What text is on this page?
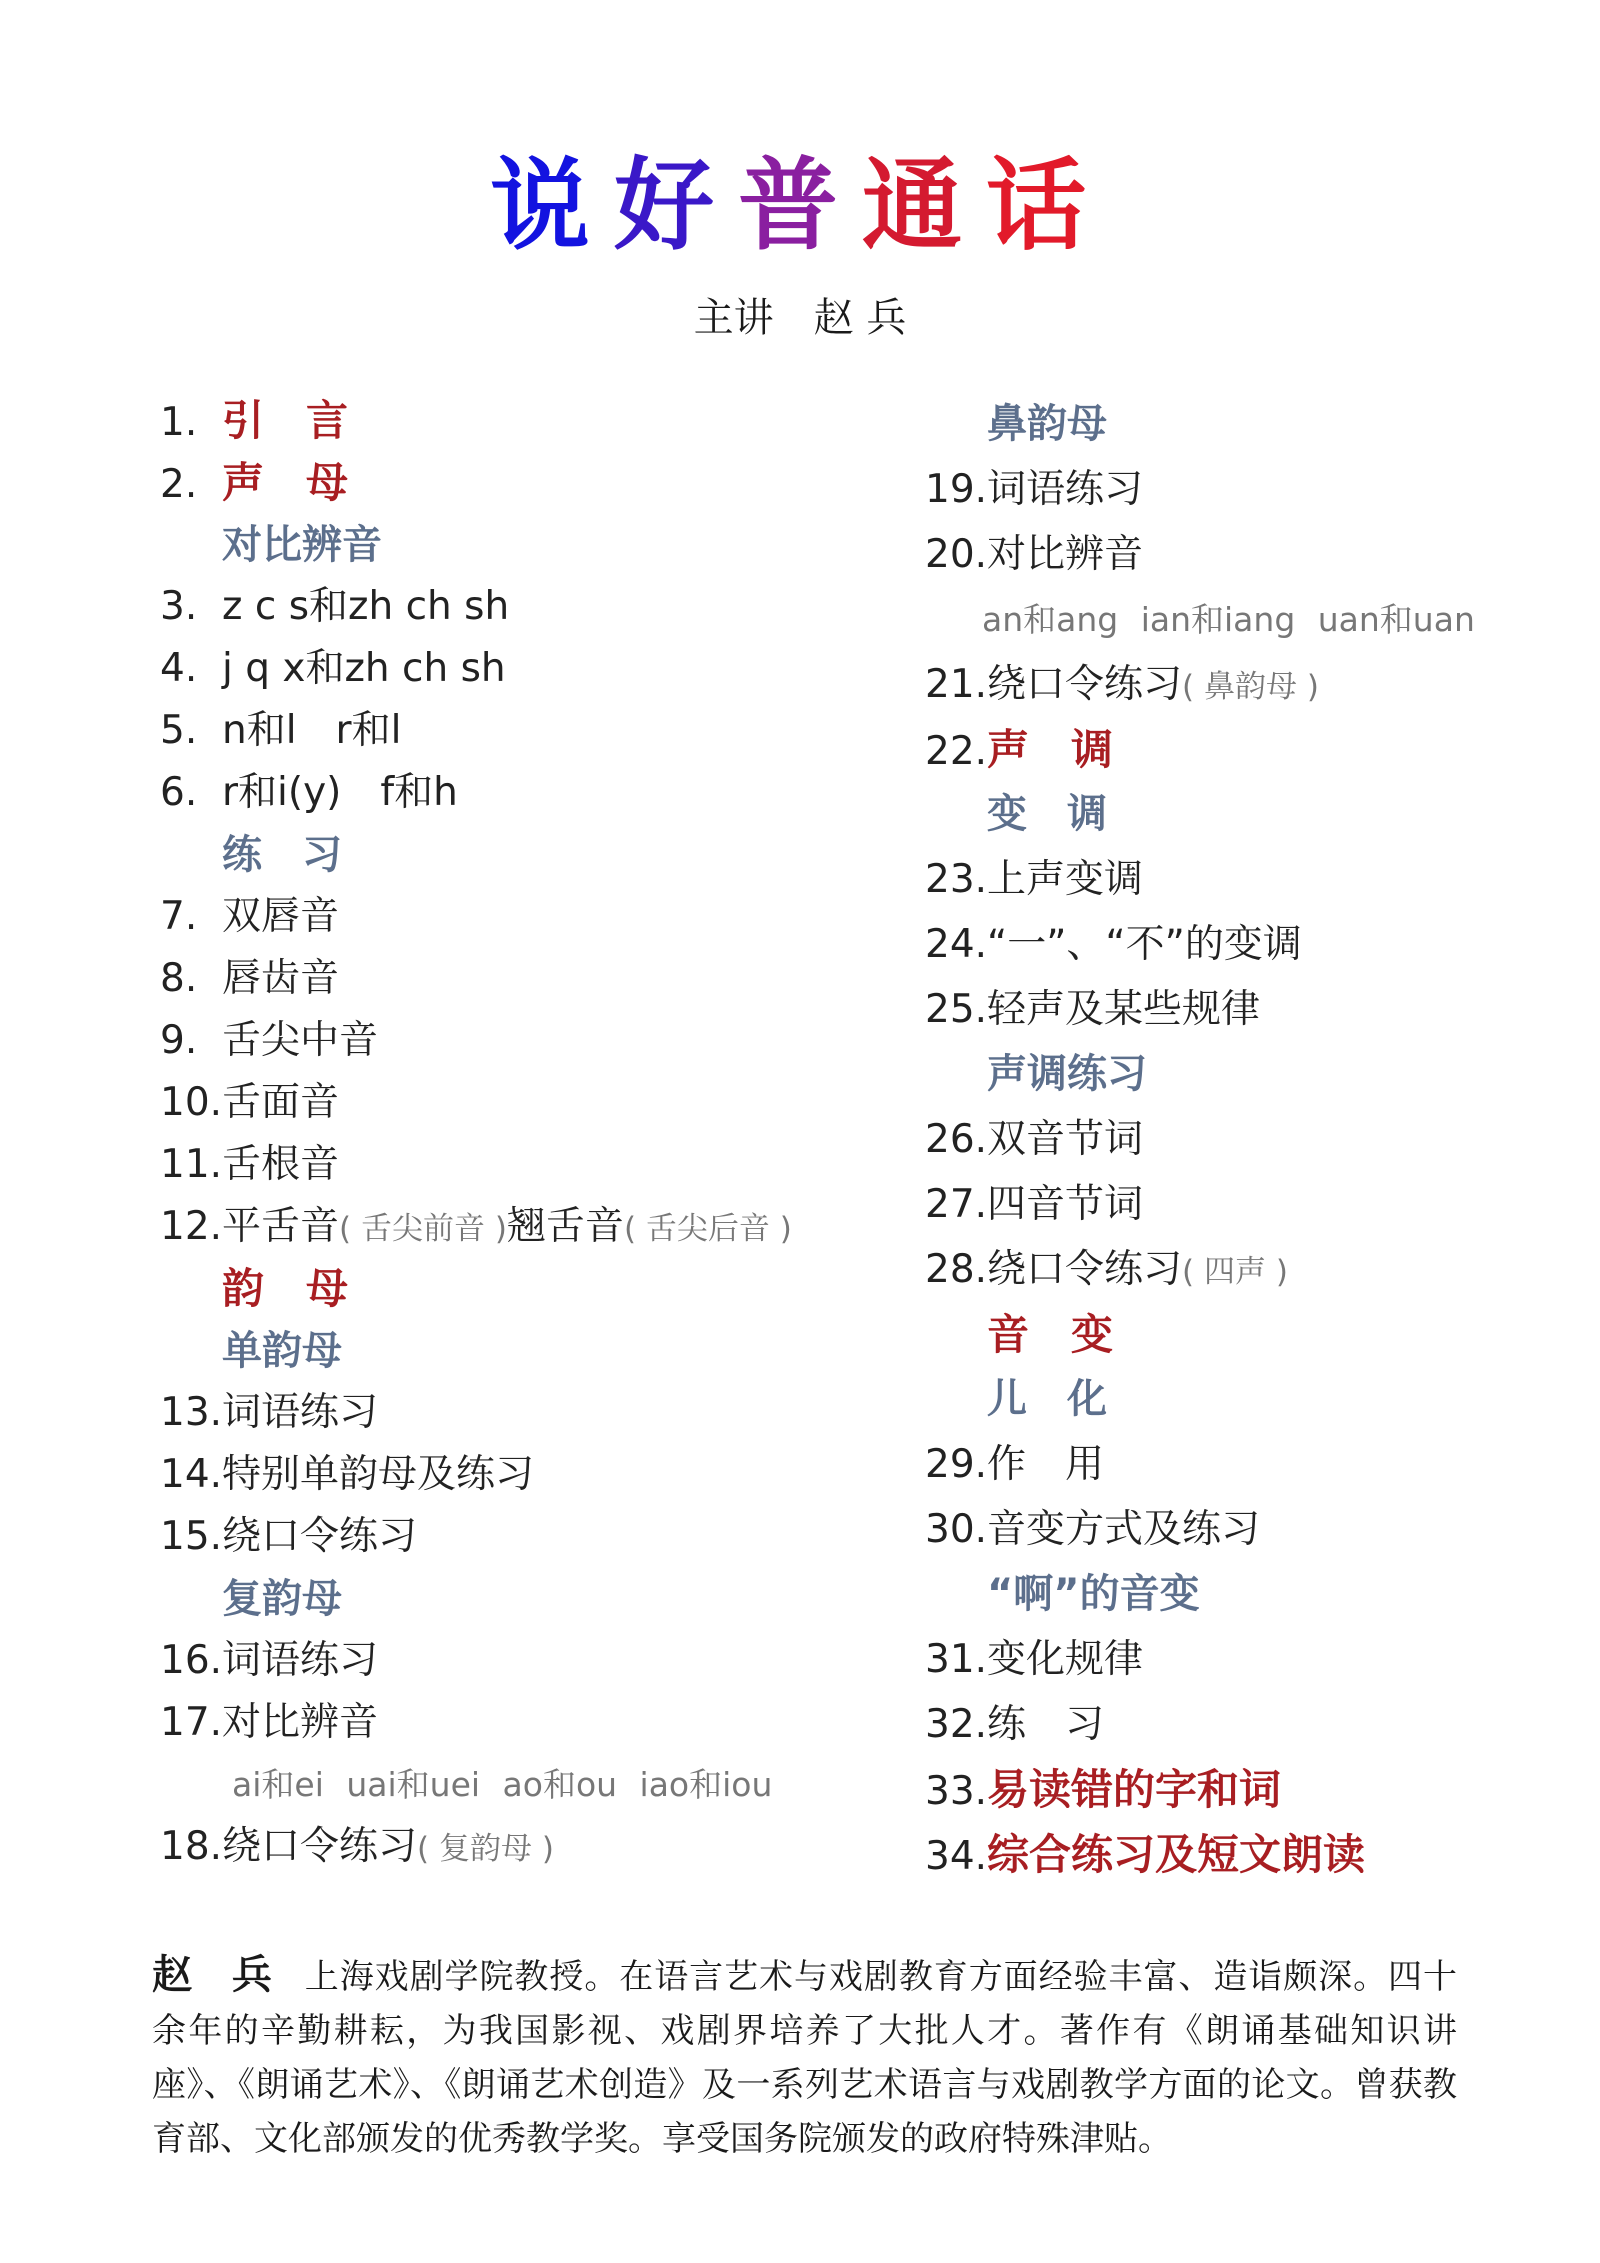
说好普通话
主讲　赵 兵
1. 引　言
2. 声　母
对比辨音
3. z c s和zh ch sh
4. j q x和zh ch sh
5. n和l　r和l
6. r和i(y)　f和h
练　习
7. 双唇音
8. 唇齿音
9. 舌尖中音
10. 舌面音
11. 舌根音
12. 平舌音 ( 舌尖前音 ) 翘舌音 ( 舌尖后音 )
韵　母
单韵母
13. 词语练习
14. 特别单韵母及练习
15. 绕口令练习
复韵母
16. 词语练习
17. 对比辨音
ai和ei uai和uei ao和ou iao和iou
18. 绕口令练习 ( 复韵母 )
鼻韵母
19. 词语练习
20. 对比辨音
an和ang ian和iang uan和uan
21. 绕口令练习 ( 鼻韵母 )
22. 声　调
变　调
23. 上声变调
24. “一”、“不”的变调
25. 轻声及某些规律
声调练习
26. 双音节词
27. 四音节词
28. 绕口令练习 ( 四声 )
音　变
儿　化
29. 作　用
30. 音变方式及练习
“啊”的音变
31. 变化规律
32. 练　习
33. 易读错的字和词
34. 综合练习及短文朗读
赵 兵 上海戏剧学院教授。在语言艺术与戏剧教育方面经验丰富、造诣颇深。四十余年的辛勤耕耘，为我国影视、戏剧界培养了大批人才。著作有《朗诵基础知识讲座》、《朗诵艺术》、《朗诵艺术创造》及一系列艺术语言与戏剧教学方面的论文。曾获教育部、文化部颁发的优秀教学奖。享受国务院颁发的政府特殊津贴。
